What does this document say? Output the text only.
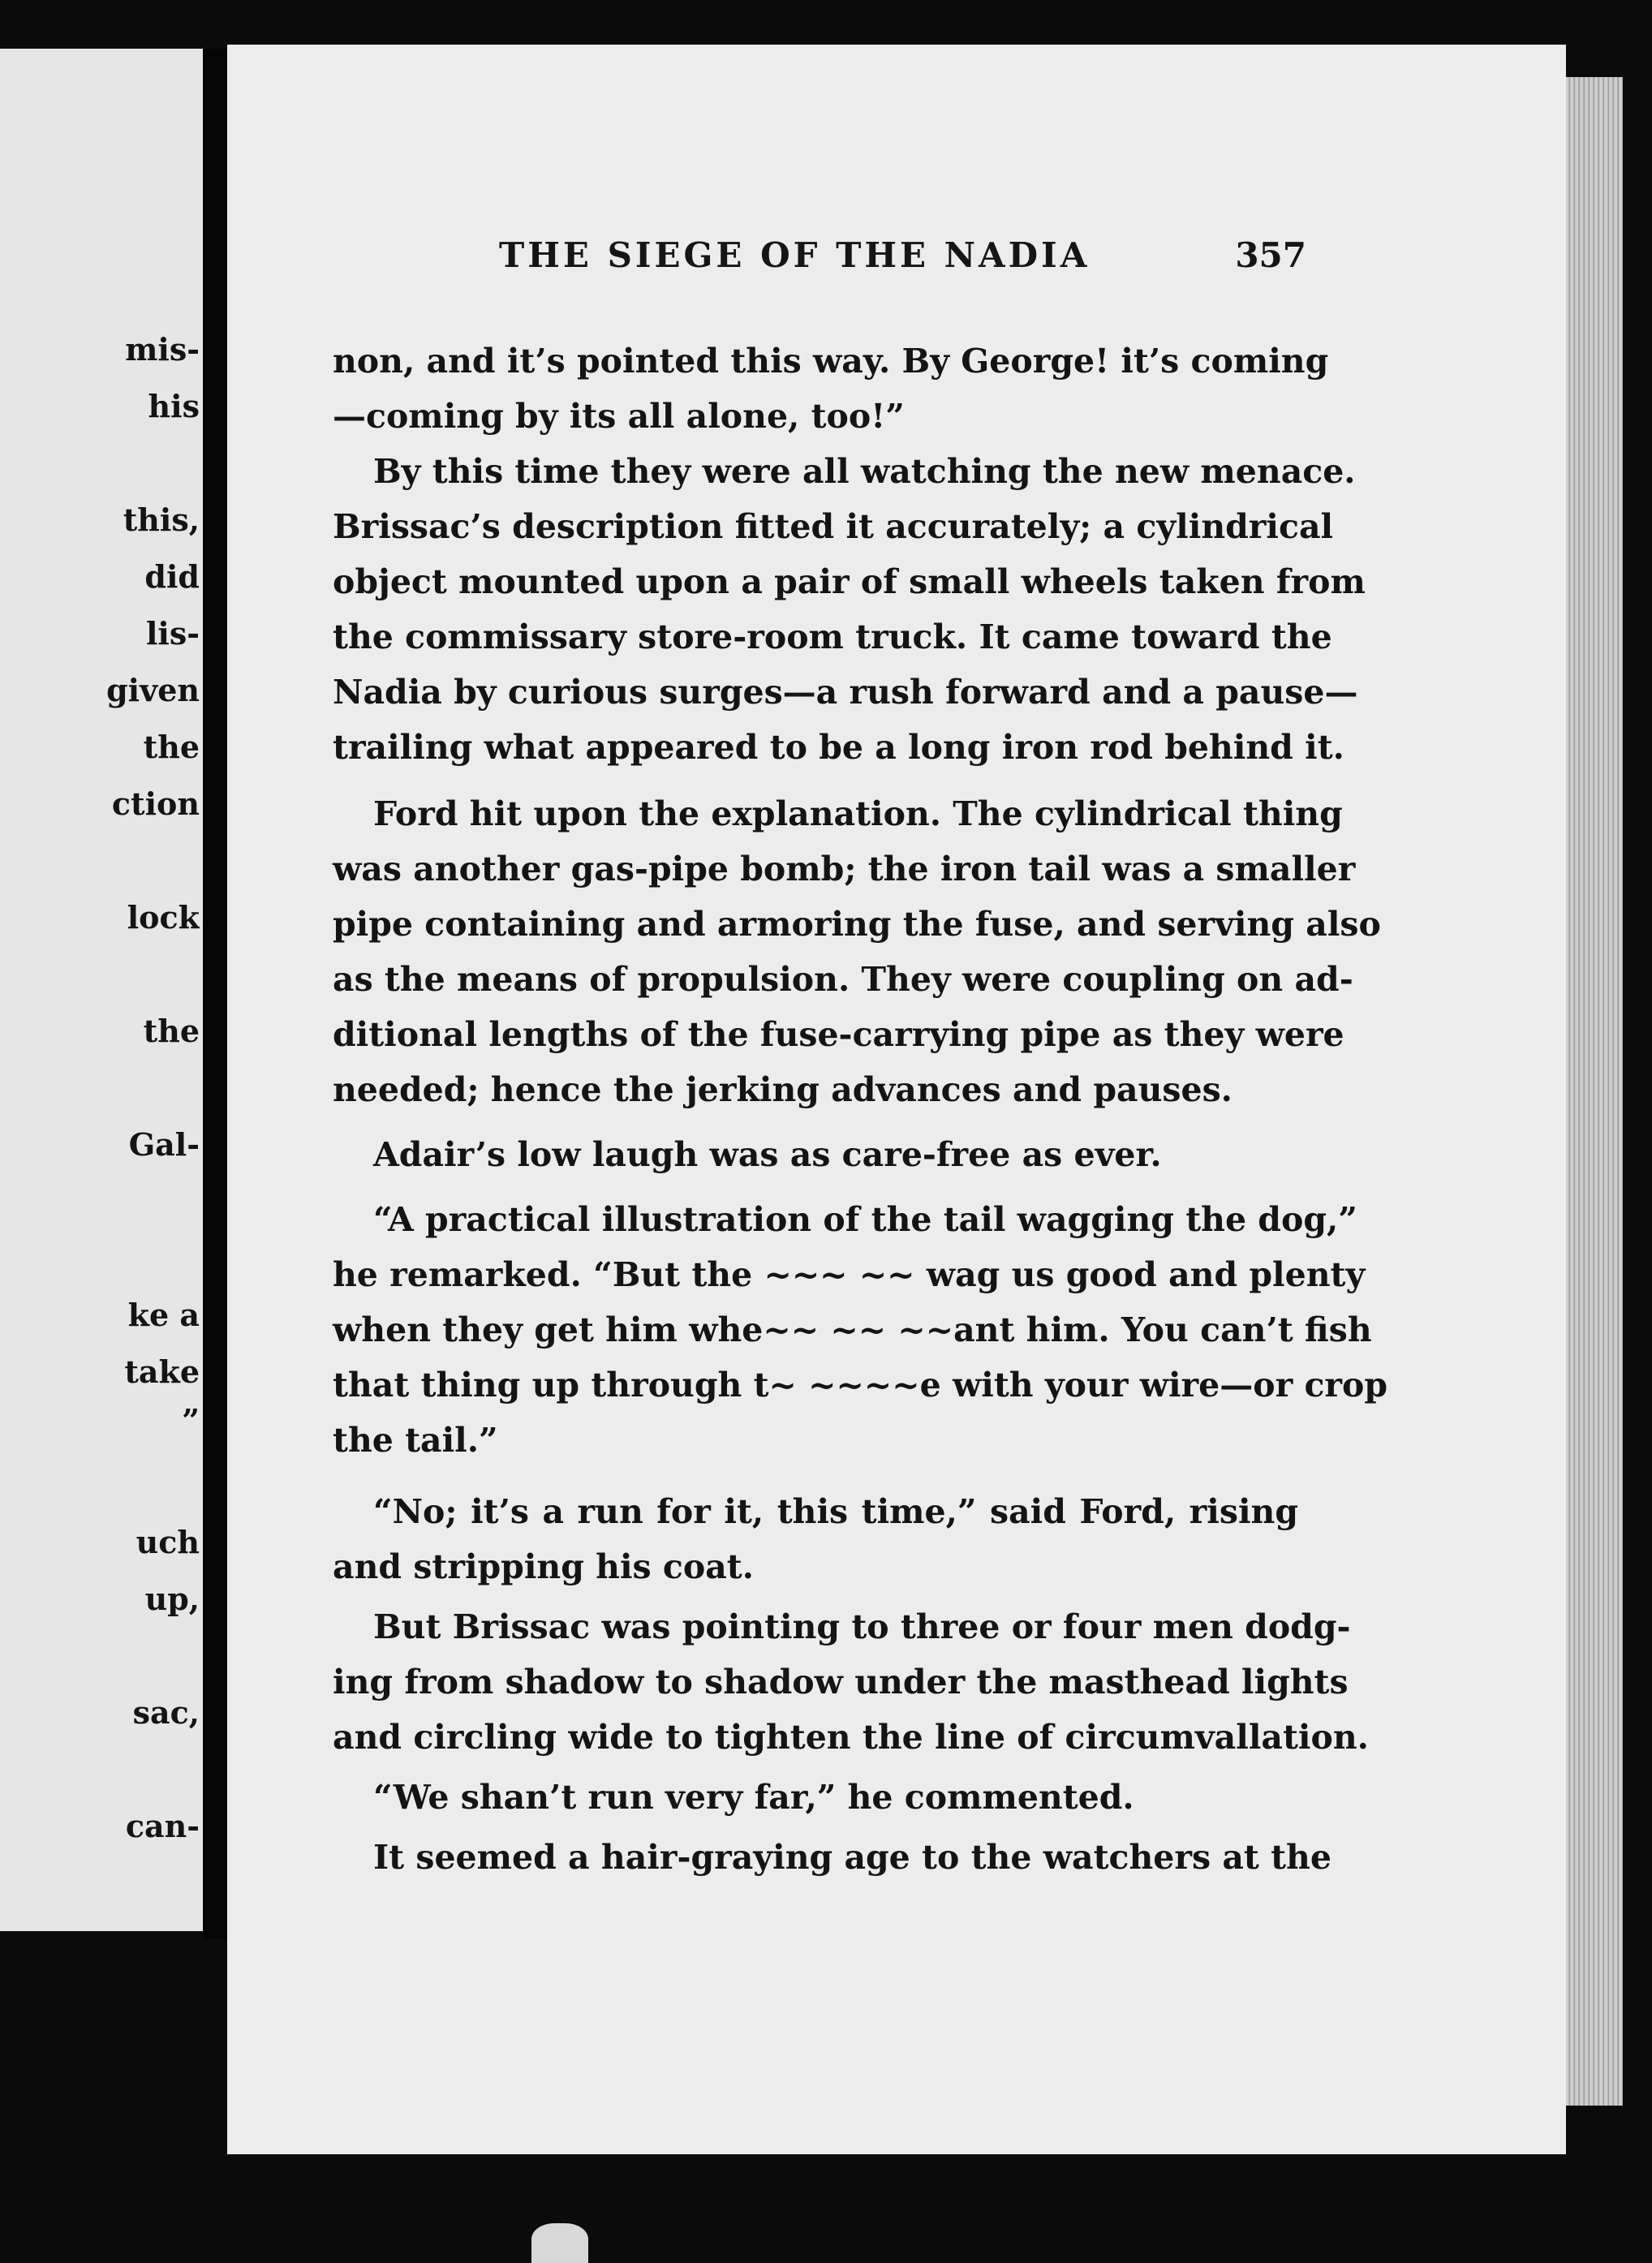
mis-
his
this,
did
lis-
given
the
ction
lock
the
Gal-
ke a
take
”
uch
up,
sac,
can-
THE SIEGE OF THE NADIA	357
non, and it’s pointed this way. By George! it’s coming
—coming by its all alone, too!”
By this time they were all watching the new menace.
Brissac’s description fitted it accurately; a cylindrical
object mounted upon a pair of small wheels taken from
the commissary store-room truck. It came toward the
Nadia by curious surges—a rush forward and a pause—
trailing what appeared to be a long iron rod behind it.
Ford hit upon the explanation. The cylindrical thing
was another gas-pipe bomb; the iron tail was a smaller
pipe containing and armoring the fuse, and serving also
as the means of propulsion. They were coupling on ad-
ditional lengths of the fuse-carrying pipe as they were
needed; hence the jerking advances and pauses.
Adair’s low laugh was as care-free as ever.
“A practical illustration of the tail wagging the dog,”
he remarked. “But the ~~~ ~~ wag us good and plenty
when they get him whe~~ ~~ ~~ant him. You can’t fish
that thing up through t~ ~~~~e with your wire—or crop
the tail.”
“No; it’s a run for it, this time,” said Ford, rising
and stripping his coat.
But Brissac was pointing to three or four men dodg-
ing from shadow to shadow under the masthead lights
and circling wide to tighten the line of circumvallation.
“We shan’t run very far,” he commented.
It seemed a hair-graying age to the watchers at the
